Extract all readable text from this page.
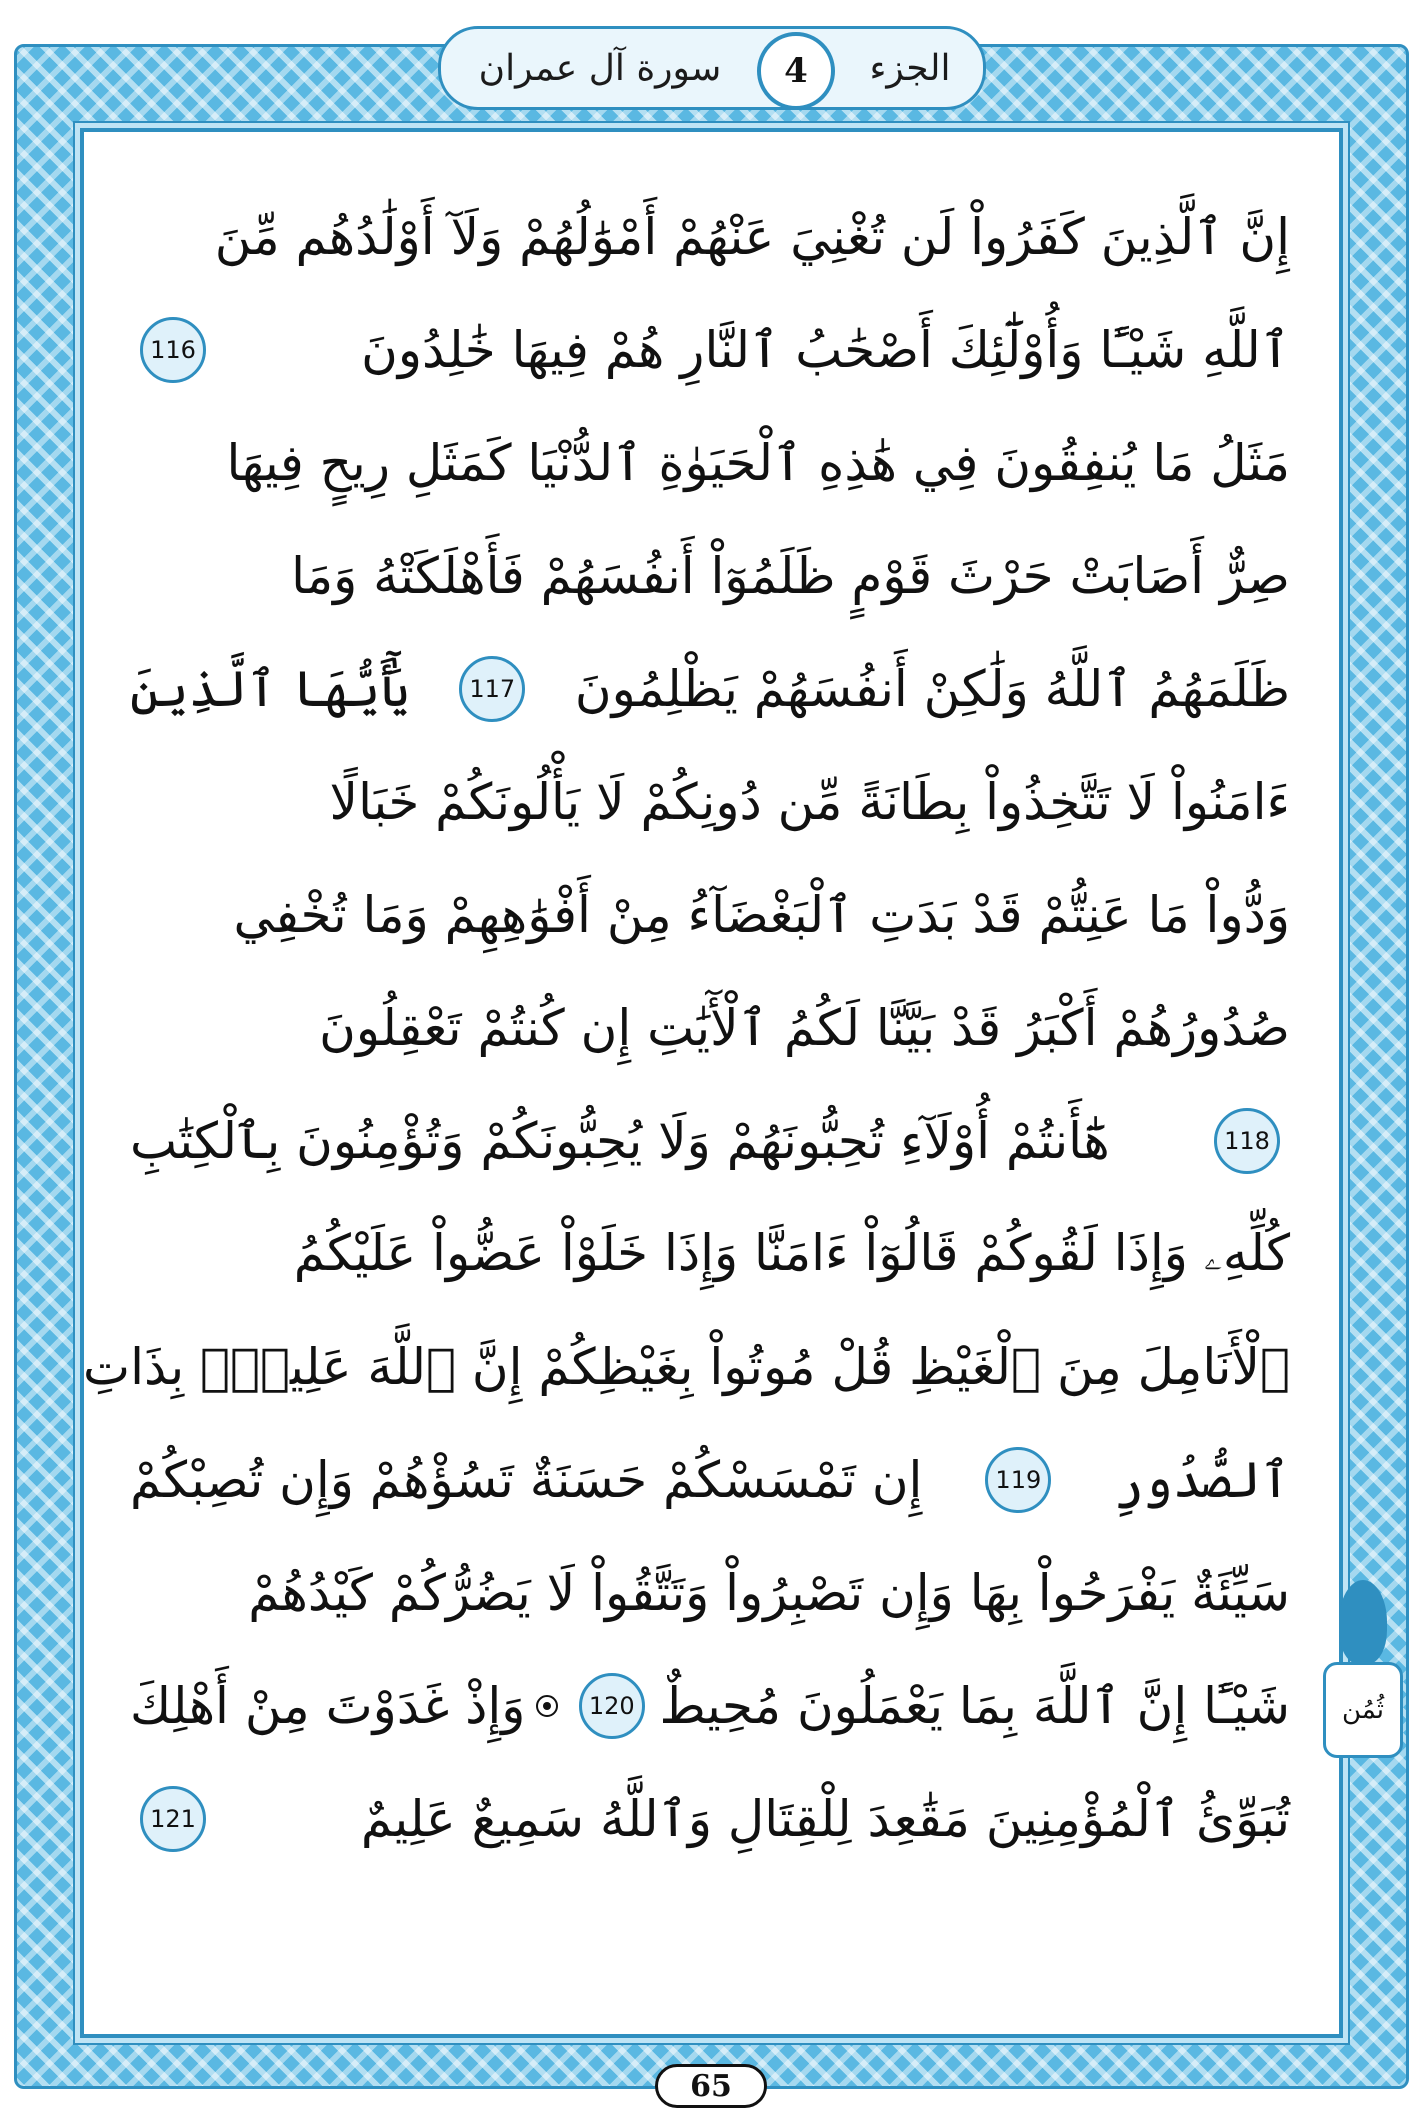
سورة آل عمران	4	الجزء
إِنَّ ٱلَّذِينَ كَفَرُواْ لَن تُغْنِيَ عَنْهُمْ أَمْوَٰلُهُمْ وَلَآ أَوْلَٰدُهُم مِّنَ
ٱللَّهِ شَيْـًٔا وَأُوْلَٰٓئِكَ أَصْحَٰبُ ٱلنَّارِ هُمْ فِيهَا خَٰلِدُونَ
116
مَثَلُ مَا يُنفِقُونَ فِي هَٰذِهِ ٱلْحَيَوٰةِ ٱلدُّنْيَا كَمَثَلِ رِيحٍ فِيهَا
صِرٌّ أَصَابَتْ حَرْثَ قَوْمٍ ظَلَمُوٓاْ أَنفُسَهُمْ فَأَهْلَكَتْهُ وَمَا
ظَلَمَهُمُ ٱللَّهُ وَلَٰكِنْ أَنفُسَهُمْ يَظْلِمُونَ
117
يَٰٓأَيُّهَا ٱلَّذِينَ
ءَامَنُواْ لَا تَتَّخِذُواْ بِطَانَةً مِّن دُونِكُمْ لَا يَأْلُونَكُمْ خَبَالًا
وَدُّواْ مَا عَنِتُّمْ قَدْ بَدَتِ ٱلْبَغْضَآءُ مِنْ أَفْوَٰهِهِمْ وَمَا تُخْفِي
صُدُورُهُمْ أَكْبَرُ قَدْ بَيَّنَّا لَكُمُ ٱلْأٓيَٰتِ إِن كُنتُمْ تَعْقِلُونَ
118
هَٰٓأَنتُمْ أُوْلَآءِ تُحِبُّونَهُمْ وَلَا يُحِبُّونَكُمْ وَتُؤْمِنُونَ بِٱلْكِتَٰبِ
كُلِّهِۦ وَإِذَا لَقُوكُمْ قَالُوٓاْ ءَامَنَّا وَإِذَا خَلَوْاْ عَضُّواْ عَلَيْكُمُ
ٱلْأَنَامِلَ مِنَ ٱلْغَيْظِ قُلْ مُوتُواْ بِغَيْظِكُمْ إِنَّ ٱللَّهَ عَلِيمُۢ بِذَاتِ
ٱلصُّدُورِ
119
إِن تَمْسَسْكُمْ حَسَنَةٌ تَسُؤْهُمْ وَإِن تُصِبْكُمْ
سَيِّئَةٌ يَفْرَحُواْ بِهَا وَإِن تَصْبِرُواْ وَتَتَّقُواْ لَا يَضُرُّكُمْ كَيْدُهُمْ
شَيْـًٔا إِنَّ ٱللَّهَ بِمَا يَعْمَلُونَ مُحِيطٌ
120
وَإِذْ غَدَوْتَ مِنْ أَهْلِكَ
تُبَوِّئُ ٱلْمُؤْمِنِينَ مَقَٰعِدَ لِلْقِتَالِ وَٱللَّهُ سَمِيعٌ عَلِيمٌ
121
ثُمُن
65
